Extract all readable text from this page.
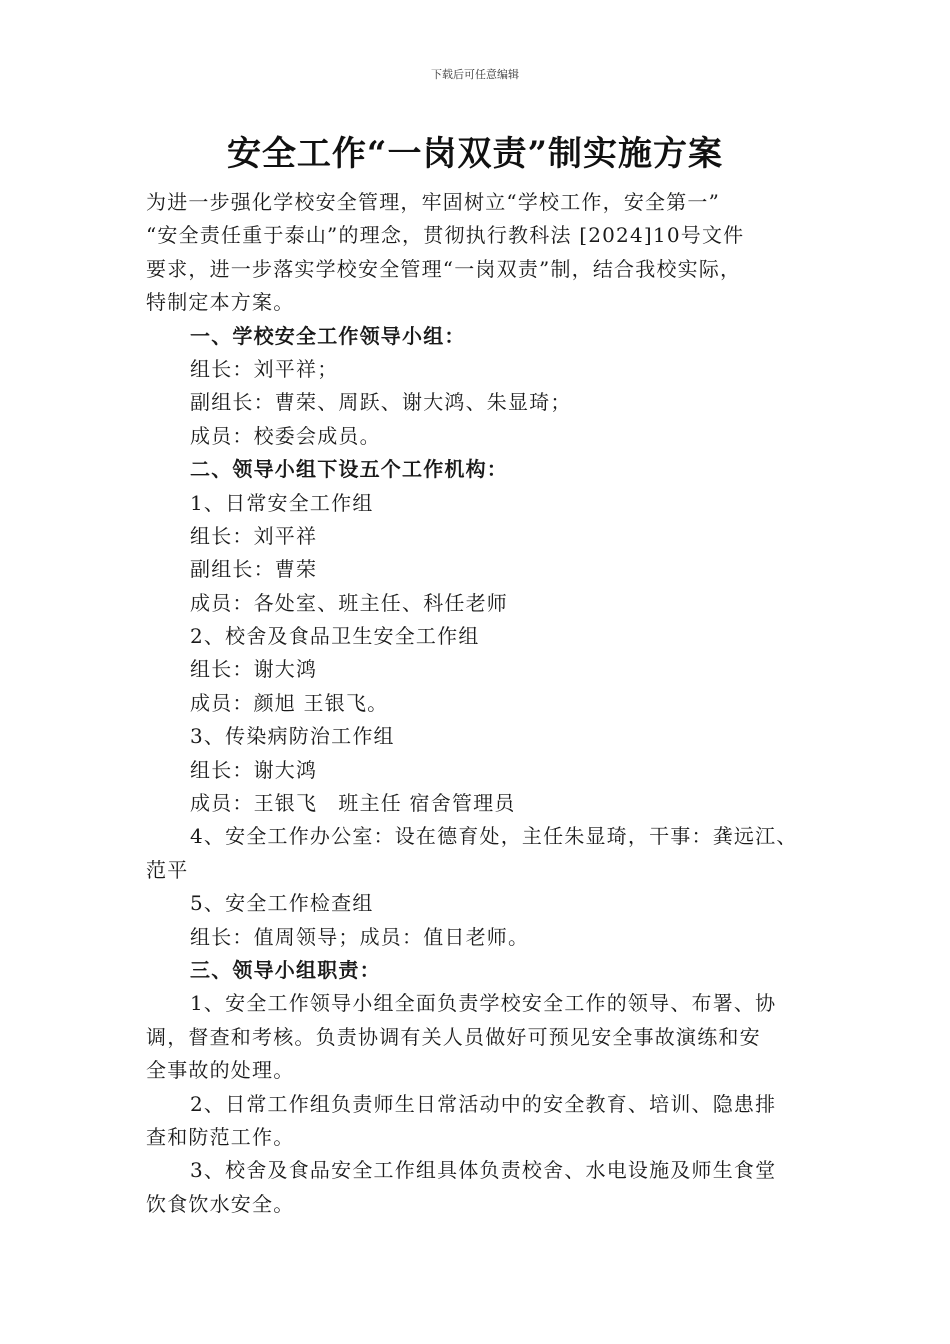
下载后可任意编辑
安全工作“一岗双责”制实施方案
为进一步强化学校安全管理，牢固树立“学校工作，安全第一”
“安全责任重于泰山”的理念，贯彻执行教科法 [2024]10号文件
要求，进一步落实学校安全管理“一岗双责”制，结合我校实际，
特制定本方案。
一、学校安全工作领导小组：
组长：刘平祥；
副组长：曹荣、周跃、谢大鸿、朱显琦；
成员：校委会成员。
二、领导小组下设五个工作机构：
1、日常安全工作组
组长：刘平祥
副组长：曹荣
成员：各处室、班主任、科任老师
2、校舍及食品卫生安全工作组
组长：谢大鸿
成员：颜旭 王银飞。
3、传染病防治工作组
组长：谢大鸿
成员：王银飞　班主任 宿舍管理员
4、安全工作办公室：设在德育处，主任朱显琦，干事：龚远江、
范平
5、安全工作检查组
组长：值周领导；成员：值日老师。
三、领导小组职责：
1、安全工作领导小组全面负责学校安全工作的领导、布署、协
调，督查和考核。负责协调有关人员做好可预见安全事故演练和安
全事故的处理。
2、日常工作组负责师生日常活动中的安全教育、培训、隐患排
查和防范工作。
3、校舍及食品安全工作组具体负责校舍、水电设施及师生食堂
饮食饮水安全。
